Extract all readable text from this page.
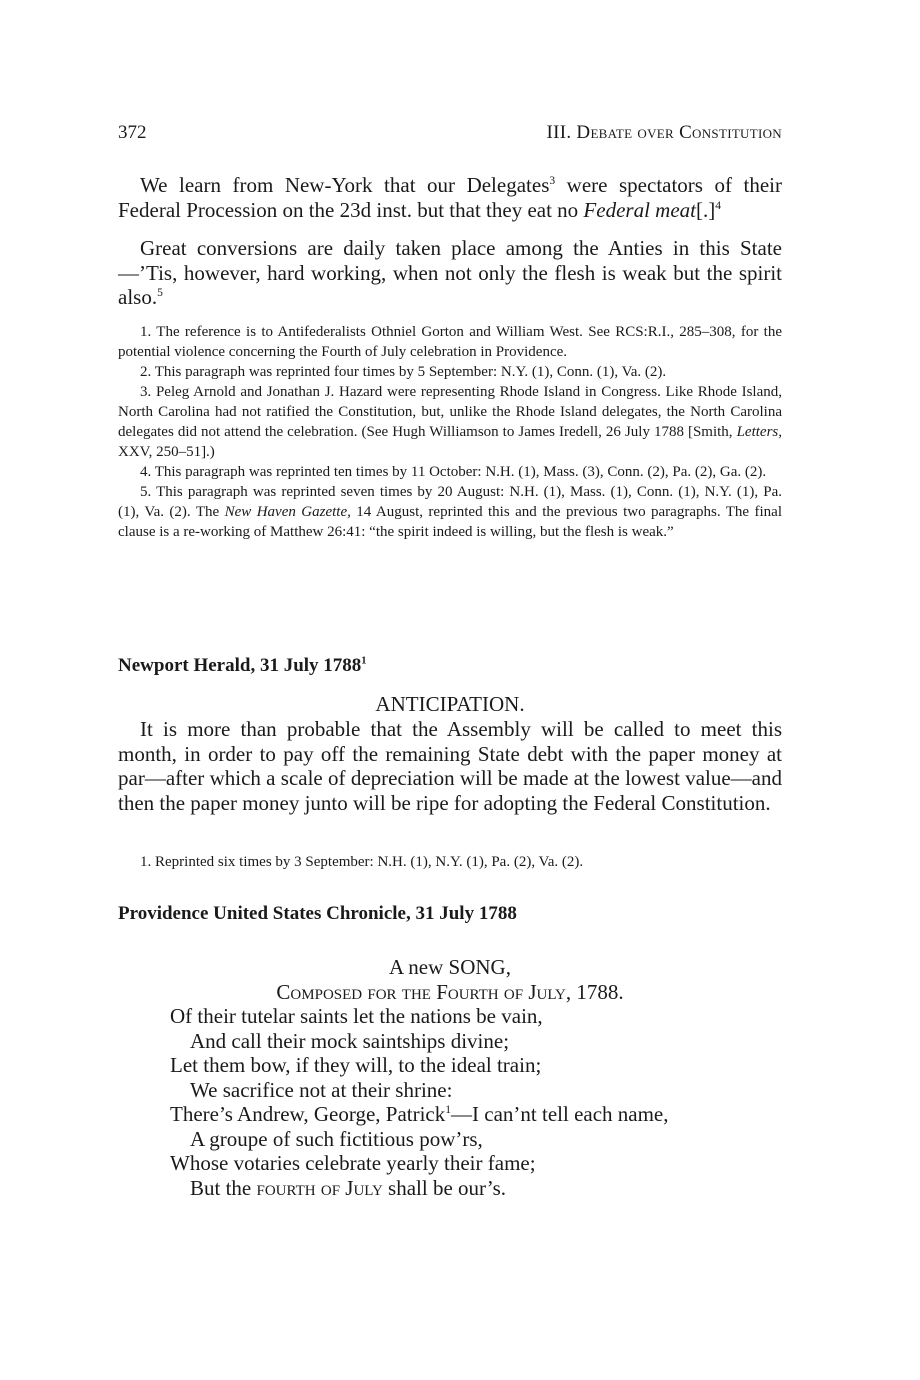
372	III. Debate over Constitution

We learn from New-York that our Delegates$^3$ were spectators of their Federal Procession on the 23d inst. but that they eat no Federal meat[.]$^4$

Great conversions are daily taken place among the Anties in this State—’Tis, however, hard working, when not only the flesh is weak but the spirit also.$^5$

1. The reference is to Antifederalists Othniel Gorton and William West. See RCS:R.I., 285–308, for the potential violence concerning the Fourth of July celebration in Providence.

2. This paragraph was reprinted four times by 5 September: N.Y. (1), Conn. (1), Va. (2).

3. Peleg Arnold and Jonathan J. Hazard were representing Rhode Island in Congress. Like Rhode Island, North Carolina had not ratified the Constitution, but, unlike the Rhode Island delegates, the North Carolina delegates did not attend the celebration. (See Hugh Williamson to James Iredell, 26 July 1788 [Smith, Letters, XXV, 250–51].)

4. This paragraph was reprinted ten times by 11 October: N.H. (1), Mass. (3), Conn. (2), Pa. (2), Ga. (2).

5. This paragraph was reprinted seven times by 20 August: N.H. (1), Mass. (1), Conn. (1), N.Y. (1), Pa. (1), Va. (2). The New Haven Gazette, 14 August, reprinted this and the previous two paragraphs. The final clause is a re-working of Matthew 26:41: “the spirit indeed is willing, but the flesh is weak.”

Newport Herald, 31 July 1788$^1$

ANTICIPATION.

It is more than probable that the Assembly will be called to meet this month, in order to pay off the remaining State debt with the paper money at par—after which a scale of depreciation will be made at the lowest value—and then the paper money junto will be ripe for adopting the Federal Constitution.

1. Reprinted six times by 3 September: N.H. (1), N.Y. (1), Pa. (2), Va. (2).

Providence United States Chronicle, 31 July 1788

A new SONG,

Composed for the Fourth of July, 1788.

Of their tutelar saints let the nations be vain,
And call their mock saintships divine;
Let them bow, if they will, to the ideal train;
We sacrifice not at their shrine:
There’s Andrew, George, Patrick$^1$—I can’nt tell each name,
A groupe of such fictitious pow’rs,
Whose votaries celebrate yearly their fame;
But the fourth of July shall be our’s.
